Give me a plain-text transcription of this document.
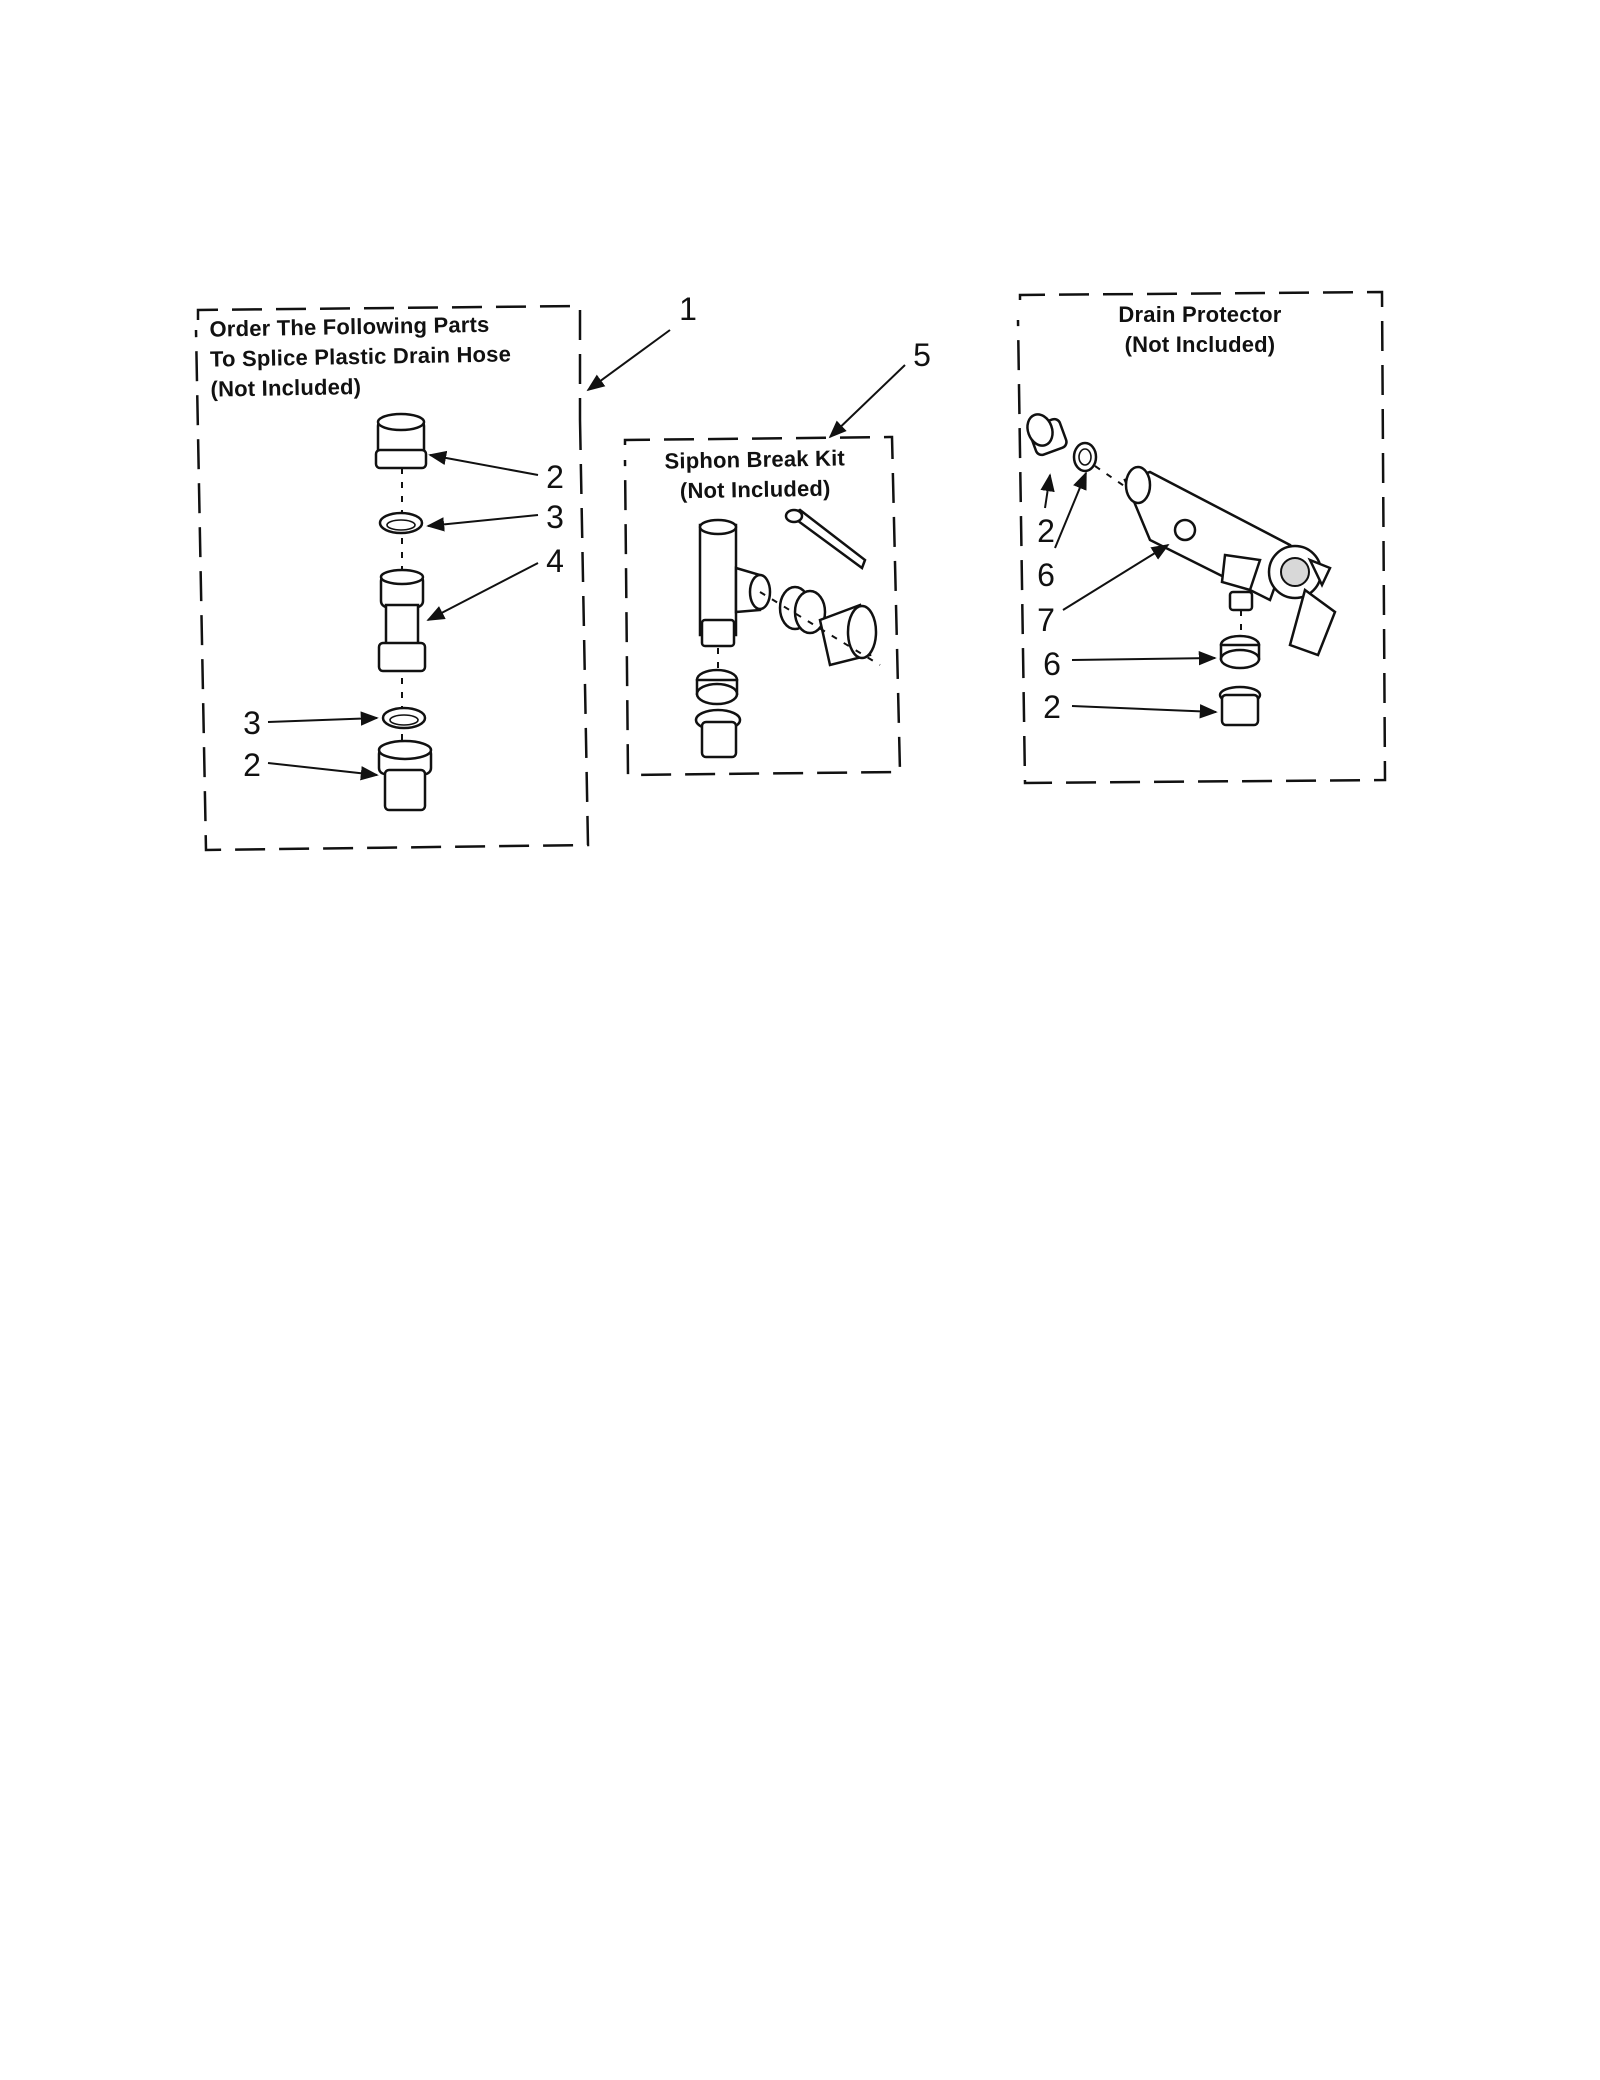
Order The Following Parts
To Splice Plastic Drain Hose
(Not Included)
1
Siphon Break Kit
(Not Included)
5
Drain Protector
(Not Included)
2
3
4
3
2
2
6
7
6
2
